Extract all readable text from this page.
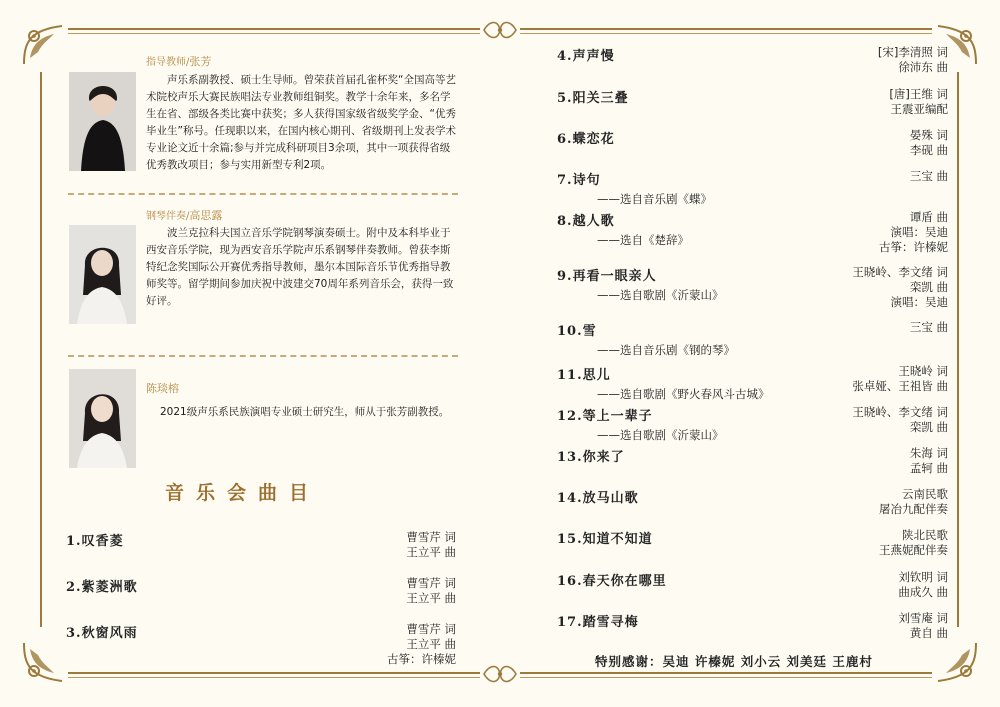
指导教师/张芳
声乐系副教授、硕士生导师。曾荣获首届孔雀杯奖“全国高等艺术院校声乐大赛民族唱法专业教师组铜奖。教学十余年来，多名学生在省、部级各类比赛中获奖；多人获得国家级省级奖学金、“优秀毕业生”称号。任现职以来，在国内核心期刊、省级期刊上发表学术专业论文近十余篇;参与并完成科研项目3余项，其中一项获得省级优秀教改项目；参与实用新型专利2项。
钢琴伴奏/高思露
波兰克拉科夫国立音乐学院钢琴演奏硕士。附中及本科毕业于西安音乐学院，现为西安音乐学院声乐系钢琴伴奏教师。曾获李斯特纪念奖国际公开赛优秀指导教师，墨尔本国际音乐节优秀指导教师奖等。留学期间参加庆祝中波建交70周年系列音乐会，获得一致好评。
陈琰榕
2021级声乐系民族演唱专业硕士研究生，师从于张芳副教授。
音乐会曲目
1.叹香菱	曹雪芹 词
王立平 曲
2.紫菱洲歌	曹雪芹 词
王立平 曲
3.秋窗风雨	曹雪芹 词
王立平 曲
古筝：许榛妮
4.声声慢	[宋]李清照 词
徐沛东 曲
5.阳关三叠	[唐]王维 词
王震亚编配
6.蝶恋花	晏殊 词
李砚 曲
7.诗句
——选自音乐剧《蝶》
三宝 曲
8.越人歌
——选自《楚辞》
谭盾 曲
演唱：吴迪
古筝：许榛妮
9.再看一眼亲人
——选自歌剧《沂蒙山》
王晓岭、李文绪 词
栾凯 曲
演唱：吴迪
10.雪
——选自音乐剧《钢的琴》
三宝 曲
11.思儿
——选自歌剧《野火春风斗古城》
王晓岭 词
张卓娅、王祖皆 曲
12.等上一辈子
——选自歌剧《沂蒙山》
王晓岭、李文绪 词
栾凯 曲
13.你来了	朱海 词
孟轲 曲
14.放马山歌	云南民歌
屠冶九配伴奏
15.知道不知道	陕北民歌
王燕妮配伴奏
16.春天你在哪里	刘钦明 词
曲成久 曲
17.踏雪寻梅	刘雪庵 词
黄自 曲
特别感谢：吴迪 许榛妮 刘小云 刘美廷 王鹿村
